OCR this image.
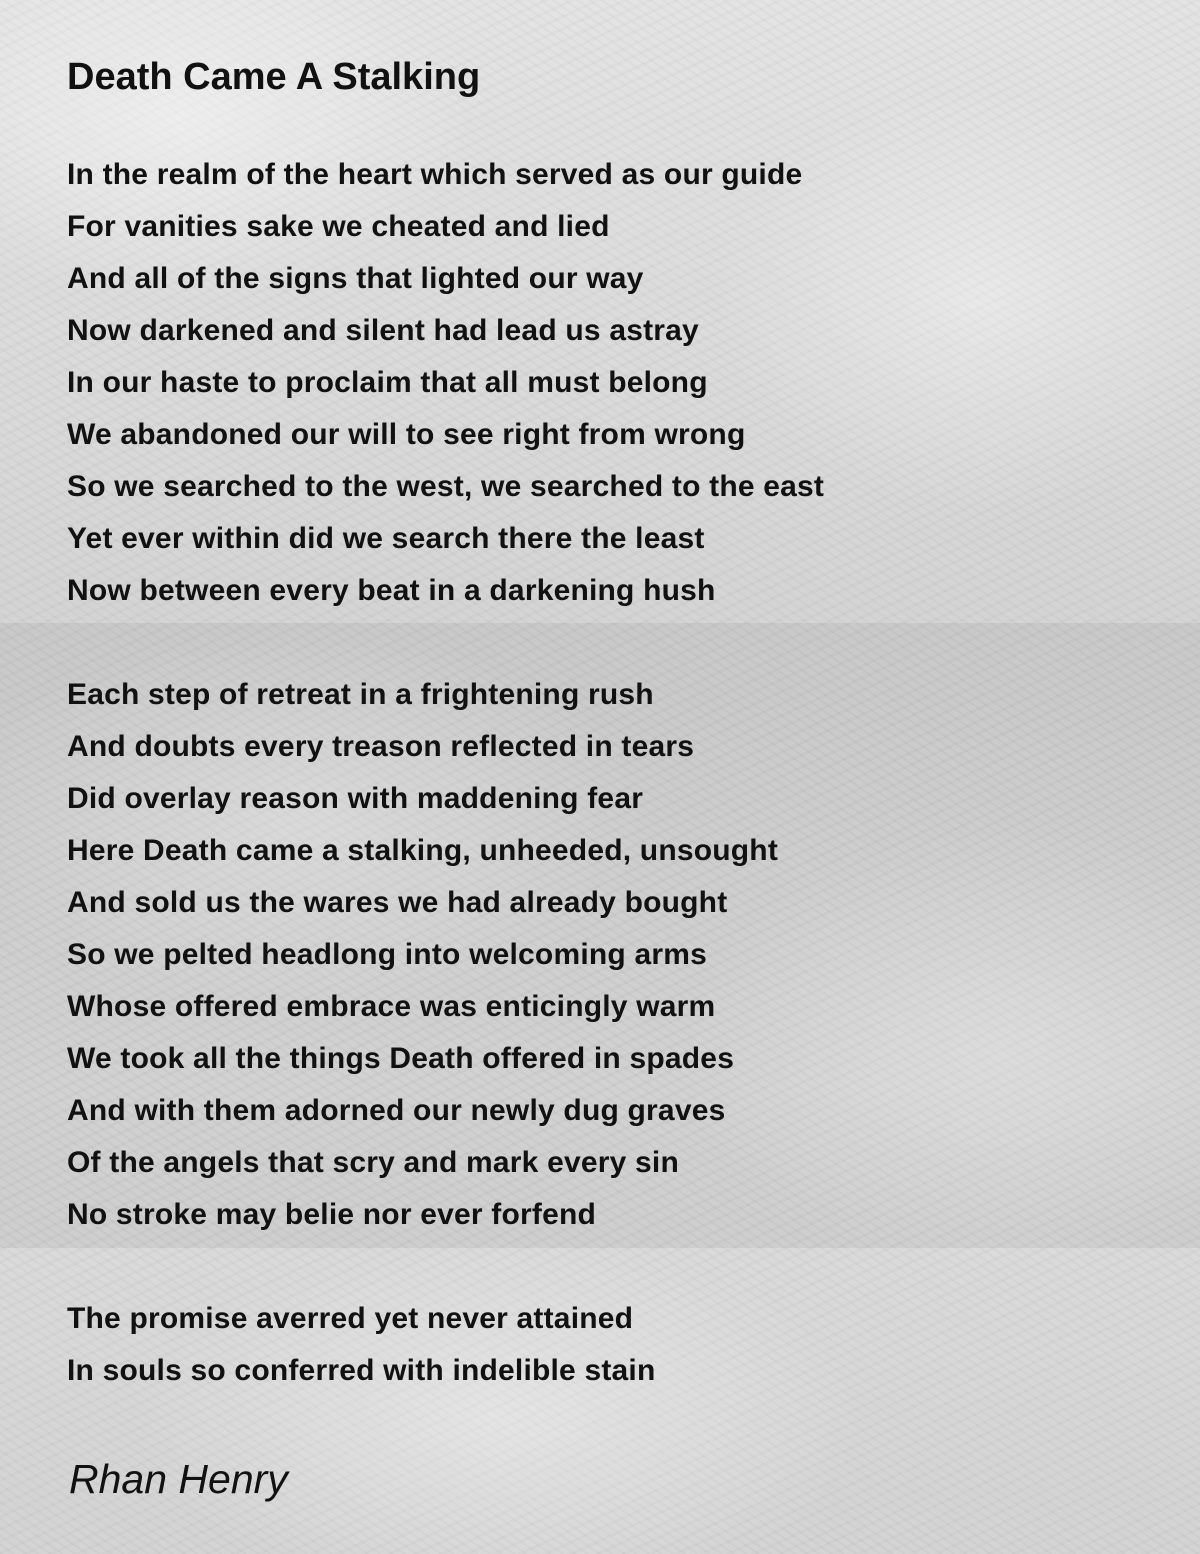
Death Came A Stalking
In the realm of the heart which served as our guide
For vanities sake we cheated and lied
And all of the signs that lighted our way
Now darkened and silent had lead us astray
In our haste to proclaim that all must belong
We abandoned our will to see right from wrong
So we searched to the west, we searched to the east
Yet ever within did we search there the least
Now between every beat in a darkening hush
Each step of retreat in a frightening rush
And doubts every treason reflected in tears
Did overlay reason with maddening fear
Here Death came a stalking, unheeded, unsought
And sold us the wares we had already bought
So we pelted headlong into welcoming arms
Whose offered embrace was enticingly warm
We took all the things Death offered in spades
And with them adorned our newly dug graves
Of the angels that scry and mark every sin
No stroke may belie nor ever forfend
The promise averred yet never attained
In souls so conferred with indelible stain
Rhan Henry
